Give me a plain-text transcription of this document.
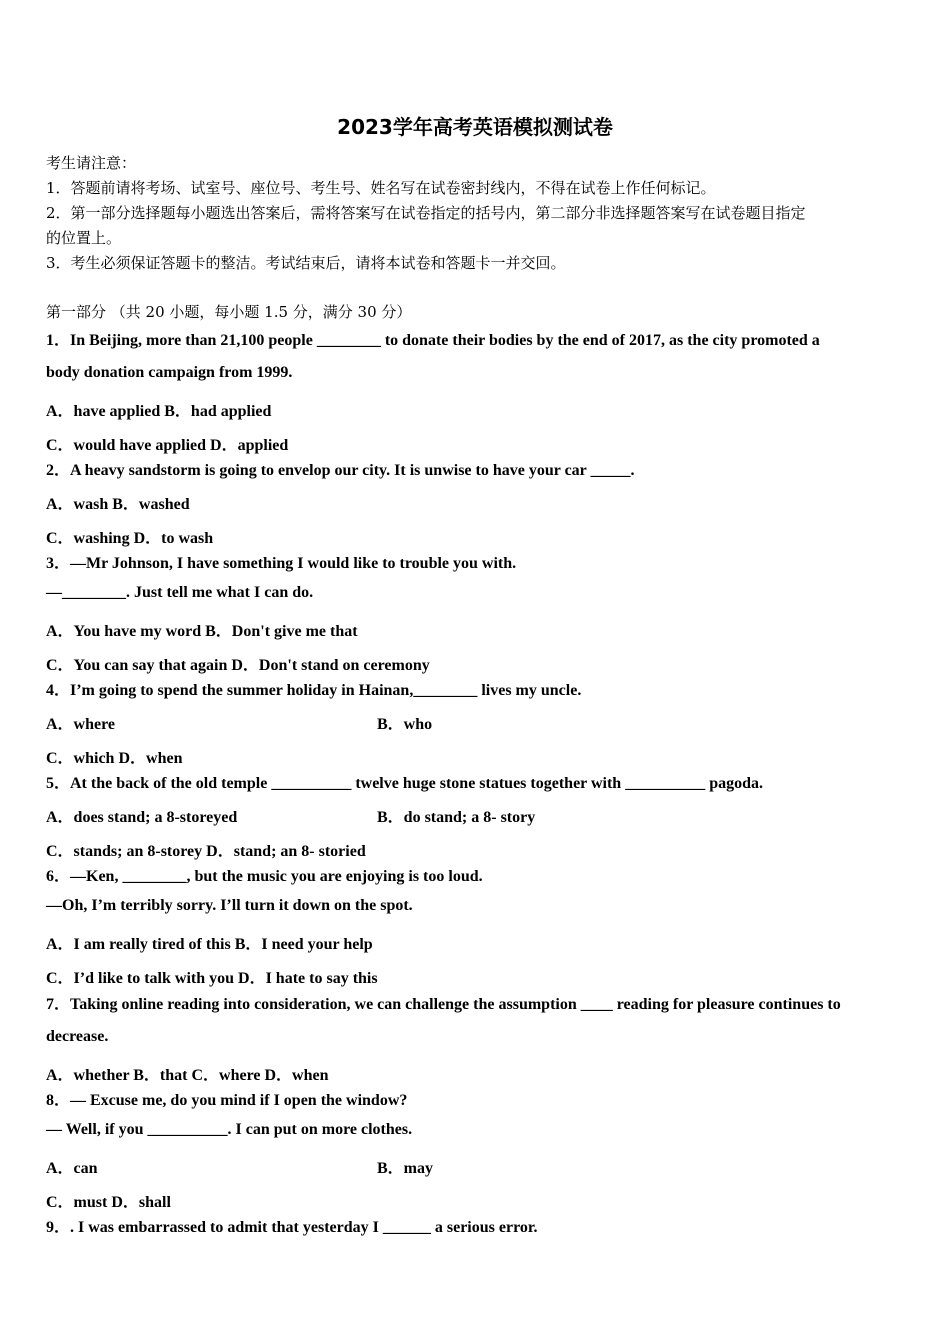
2023学年高考英语模拟测试卷
考生请注意：
1．答题前请将考场、试室号、座位号、考生号、姓名写在试卷密封线内，不得在试卷上作任何标记。
2．第一部分选择题每小题选出答案后，需将答案写在试卷指定的括号内，第二部分非选择题答案写在试卷题目指定
的位置上。
3．考生必须保证答题卡的整洁。考试结束后，请将本试卷和答题卡一并交回。
第一部分 （共 20 小题，每小题 1.5 分，满分 30 分）
1．In Beijing, more than 21,100 people ________ to donate their bodies by the end of 2017, as the city promoted a
body donation campaign from 1999.
A．have applied B．had applied
C．would have applied D．applied
2．A heavy sandstorm is going to envelop our city. It is unwise to have your car _____.
A．wash B．washed
C．washing D．to wash
3．—Mr Johnson, I have something I would like to trouble you with.
—________. Just tell me what I can do.
A．You have my word B．Don't give me that
C．You can say that again D．Don't stand on ceremony
4．I’m going to spend the summer holiday in Hainan,________ lives my uncle.
A．where	B．who
C．which D．when
5．At the back of the old temple __________ twelve huge stone statues together with __________ pagoda.
A．does stand; a 8-storeyed	B．do stand; a 8- story
C．stands; an 8-storey D．stand; an 8- storied
6．—Ken, ________, but the music you are enjoying is too loud.
—Oh, I’m terribly sorry. I’ll turn it down on the spot.
A．I am really tired of this B．I need your help
C．I’d like to talk with you D．I hate to say this
7．Taking online reading into consideration, we can challenge the assumption ____ reading for pleasure continues to
decrease.
A．whether B．that C．where D．when
8．— Excuse me, do you mind if I open the window?
— Well, if you __________. I can put on more clothes.
A．can	B．may
C．must D．shall
9．. I was embarrassed to admit that yesterday I ______ a serious error.
